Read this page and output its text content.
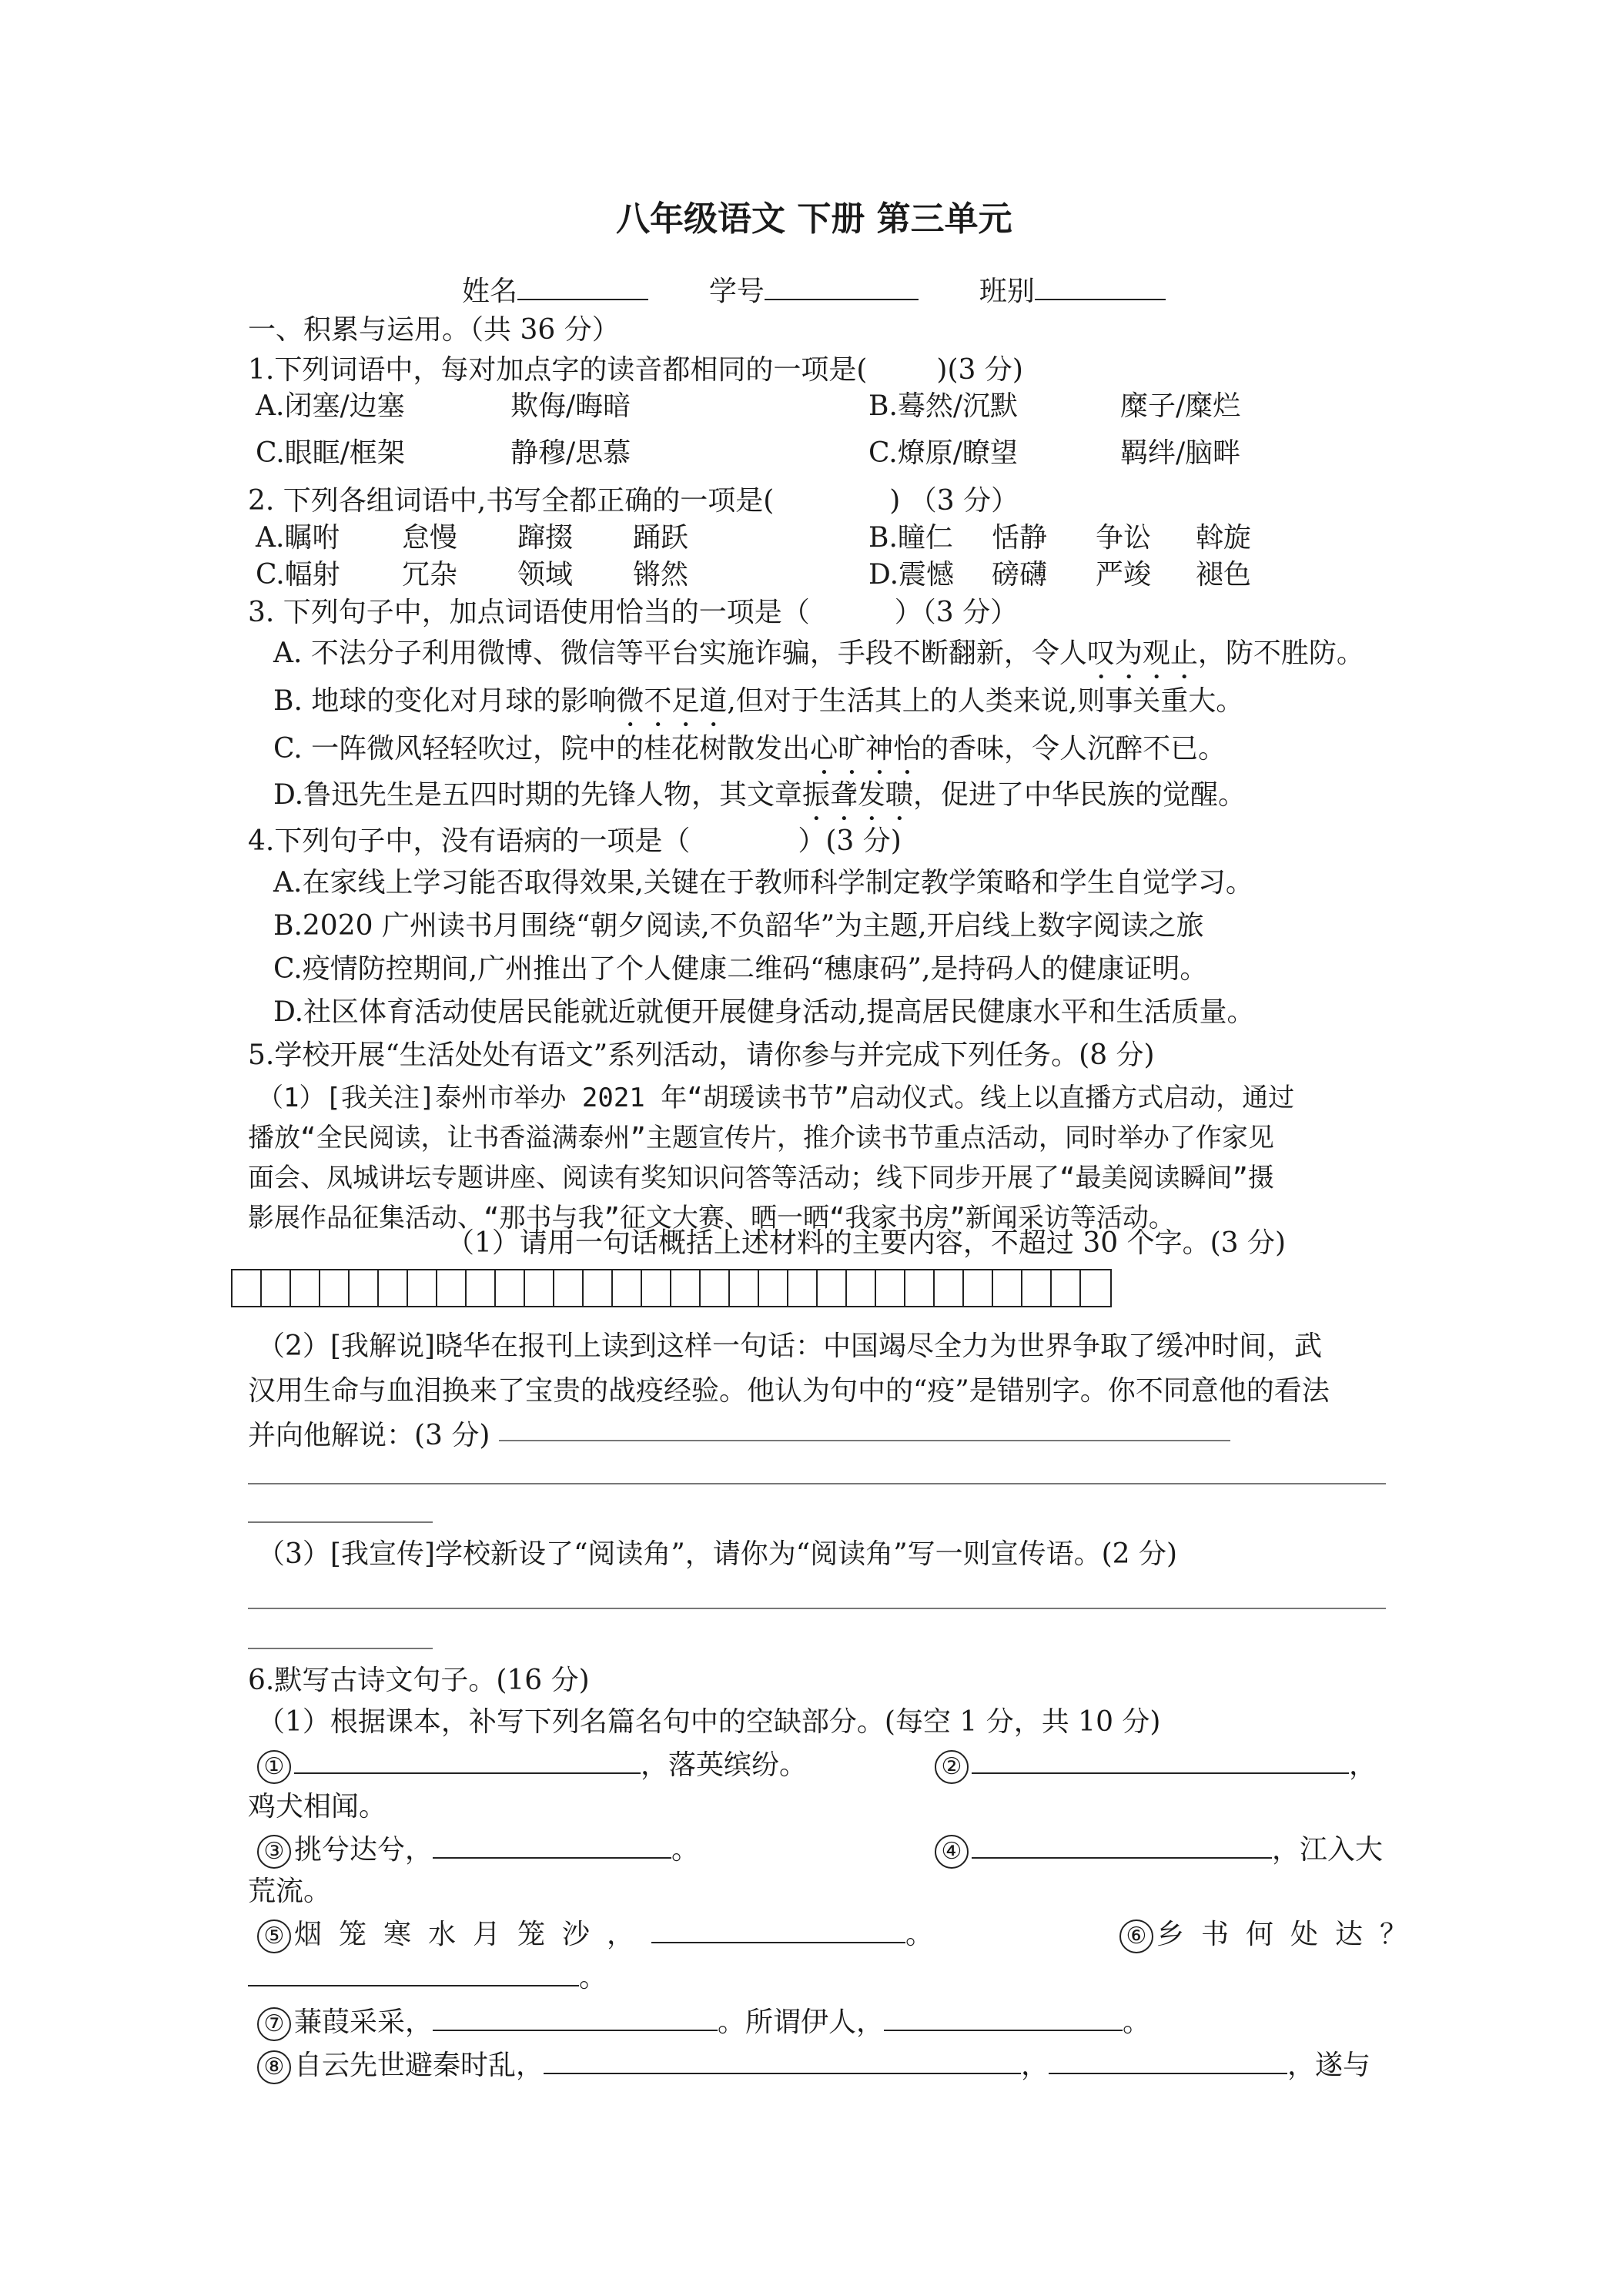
八年级语文 下册 第三单元
姓名	学号	班别
一、积累与运用。（共 36 分）
1.下列词语中，每对加点字的读音都相同的一项是(	)(3 分)
A.闭塞/边塞	欺侮/晦暗	B.蓦然/沉默	糜子/糜烂
C.眼眶/框架	静穆/思慕	C.燎原/瞭望	羁绊/脑畔
2. 下列各组词语中,书写全都正确的一项是(	) （3 分）
A.瞩咐 怠慢 蹿掇 踊跃	B.瞳仁 恬静 争讼 斡旋
C.幅射 冗杂 领域 锵然	D.震憾 磅礴 严竣 褪色
3. 下列句子中，加点词语使用恰当的一项是（	）（3 分）
A. 不法分子利用微博、微信等平台实施诈骗，手段不断翻新，令人叹为观止，防不胜防。
B. 地球的变化对月球的影响微不足道,但对于生活其上的人类来说,则事关重大。
C. 一阵微风轻轻吹过，院中的桂花树散发出心旷神怡的香味，令人沉醉不已。
D.鲁迅先生是五四时期的先锋人物，其文章振聋发聩，促进了中华民族的觉醒。
4.下列句子中，没有语病的一项是（	）(3 分)
A.在家线上学习能否取得效果,关键在于教师科学制定教学策略和学生自觉学习。
B.2020 广州读书月围绕“朝夕阅读,不负韶华”为主题,开启线上数字阅读之旅
C.疫情防控期间,广州推出了个人健康二维码“穗康码”,是持码人的健康证明。
D.社区体育活动使居民能就近就便开展健身活动,提高居民健康水平和生活质量。
5.学校开展“生活处处有语文”系列活动，请你参与并完成下列任务。(8 分)
（1）[我关注]泰州市举办 2021 年“胡瑗读书节”启动仪式。线上以直播方式启动，通过
播放“全民阅读，让书香溢满泰州”主题宣传片，推介读书节重点活动，同时举办了作家见
面会、凤城讲坛专题讲座、阅读有奖知识问答等活动；线下同步开展了“最美阅读瞬间”摄
影展作品征集活动、“那书与我”征文大赛、晒一晒“我家书房”新闻采访等活动。
（1）请用一句话概括上述材料的主要内容，不超过 30 个字。(3 分)
（2）[我解说]晓华在报刊上读到这样一句话：中国竭尽全力为世界争取了缓冲时间，武
汉用生命与血泪换来了宝贵的战疫经验。他认为句中的“疫”是错别字。你不同意他的看法
并向他解说：(3 分)
（3）[我宣传]学校新设了“阅读角”，请你为“阅读角”写一则宣传语。(2 分)
6.默写古诗文句子。(16 分)
（1）根据课本，补写下列名篇名句中的空缺部分。(每空 1 分，共 10 分)
①	，落英缤纷。	②	，
鸡犬相闻。
③ 挑兮达兮，	。	④	，江入大
荒流。
⑤ 烟笼寒水月笼沙，	。	⑥ 乡书何处达？
。
⑦ 蒹葭采采，	。所谓伊人，	。
⑧ 自云先世避秦时乱，	，	，遂与
